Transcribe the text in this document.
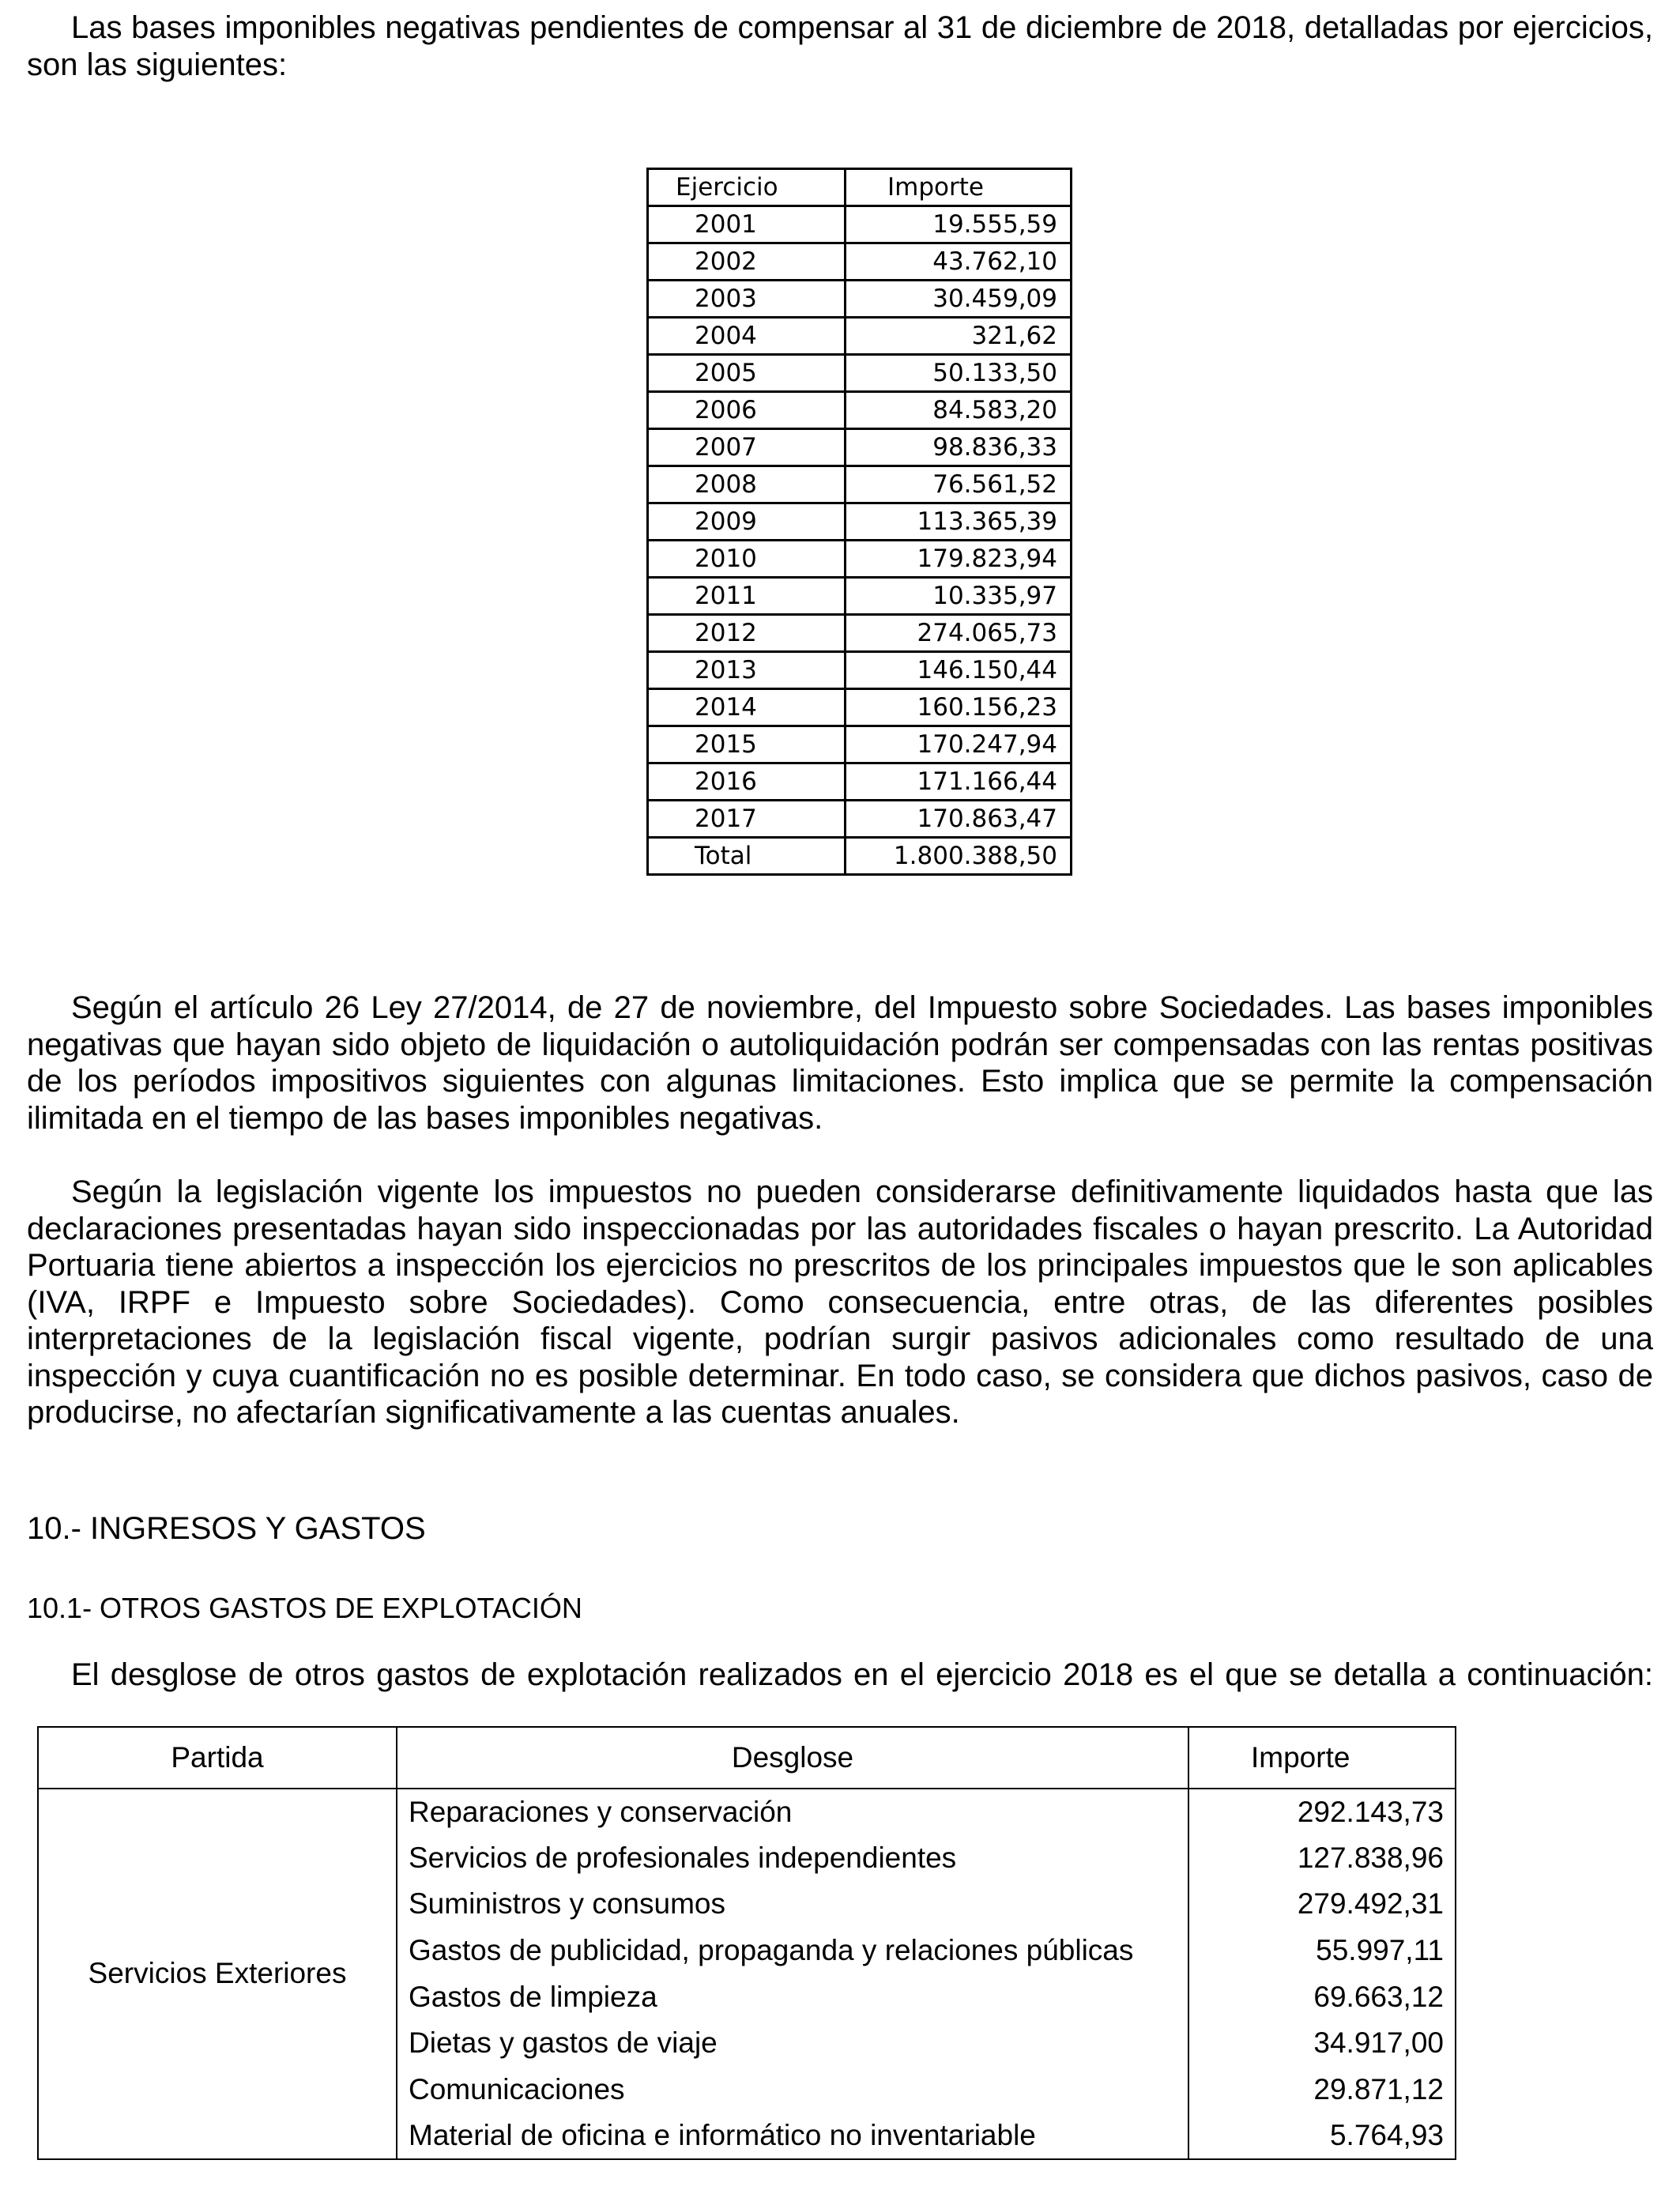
Las bases imponibles negativas pendientes de compensar al 31 de diciembre de 2018, detalladas por ejercicios, son las siguientes:

Ejercicio	Importe
2001	19.555,59
2002	43.762,10
2003	30.459,09
2004	321,62
2005	50.133,50
2006	84.583,20
2007	98.836,33
2008	76.561,52
2009	113.365,39
2010	179.823,94
2011	10.335,97
2012	274.065,73
2013	146.150,44
2014	160.156,23
2015	170.247,94
2016	171.166,44
2017	170.863,47
Total	1.800.388,50

Según el artículo 26 Ley 27/2014, de 27 de noviembre, del Impuesto sobre Sociedades. Las bases imponibles negativas que hayan sido objeto de liquidación o autoliquidación podrán ser compensadas con las rentas positivas de los períodos impositivos siguientes con algunas limitaciones. Esto implica que se permite la compensación ilimitada en el tiempo de las bases imponibles negativas.

Según la legislación vigente los impuestos no pueden considerarse definitivamente liquidados hasta que las declaraciones presentadas hayan sido inspeccionadas por las autoridades fiscales o hayan prescrito. La Autoridad Portuaria tiene abiertos a inspección los ejercicios no prescritos de los principales impuestos que le son aplicables (IVA, IRPF e Impuesto sobre Sociedades). Como consecuencia, entre otras, de las diferentes posibles interpretaciones de la legislación fiscal vigente, podrían surgir pasivos adicionales como resultado de una inspección y cuya cuantificación no es posible determinar. En todo caso, se considera que dichos pasivos, caso de producirse, no afectarían significativamente a las cuentas anuales.

10.- INGRESOS Y GASTOS
10.1- OTROS GASTOS DE EXPLOTACIÓN

El desglose de otros gastos de explotación realizados en el ejercicio 2018 es el que se detalla a continuación:

Partida	Desglose	Importe
Servicios Exteriores	Reparaciones y conservación	292.143,73
	Servicios de profesionales independientes	127.838,96
	Suministros y consumos	279.492,31
	Gastos de publicidad, propaganda y relaciones públicas	55.997,11
	Gastos de limpieza	69.663,12
	Dietas y gastos de viaje	34.917,00
	Comunicaciones	29.871,12
	Material de oficina e informático no inventariable	5.764,93
